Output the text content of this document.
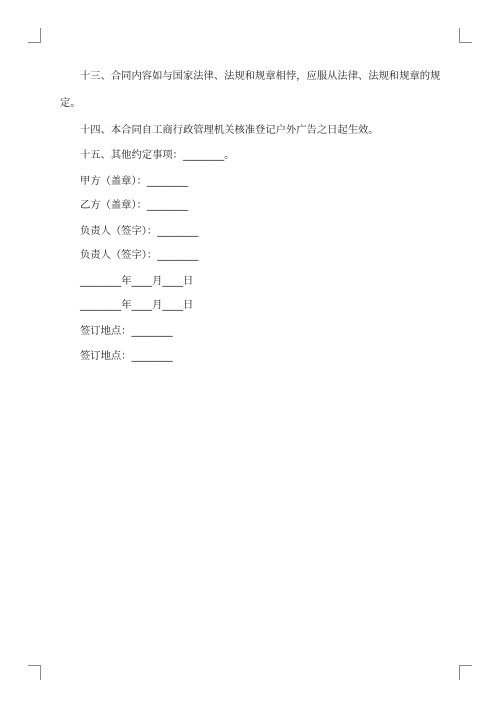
十三、合同内容如与国家法律、法规和规章相悖，应服从法律、法规和规章的规
定。
十四、本合同自工商行政管理机关核准登记户外广告之日起生效。
十五、其他约定事项：________。
甲方（盖章）：________
乙方（盖章）：________
负责人（签字）：________
负责人（签字）：________
________年____月____日
________年____月____日
签订地点：________
签订地点：________
